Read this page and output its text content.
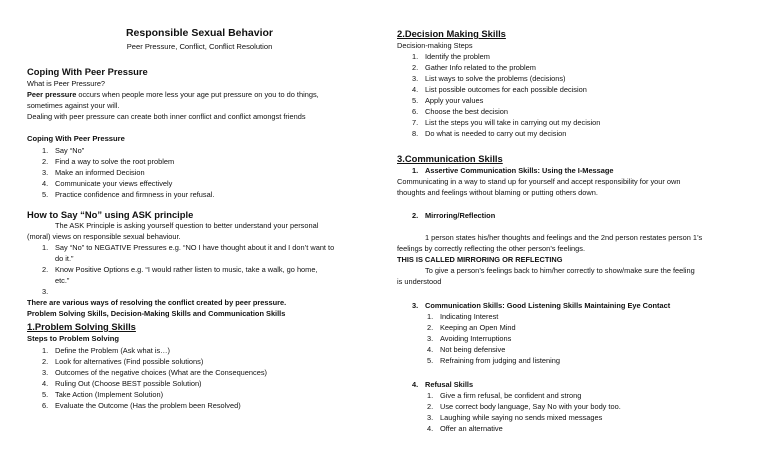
Responsible Sexual Behavior
Peer Pressure, Conflict, Conflict Resolution
Coping With Peer Pressure
What is Peer Pressure?
Peer pressure occurs when people more less your age put pressure on you to do things,
sometimes against your will.
Dealing with peer pressure can create both inner conflict and conflict amongst friends
Coping With Peer Pressure
1. Say “No”
2. Find a way to solve the root problem
3. Make an informed Decision
4. Communicate your views effectively
5. Practice confidence and firmness in your refusal.
How to Say “No” using ASK principle
The ASK Principle is asking yourself question to better understand your personal
(moral) views on responsible sexual behaviour.
1. Say “No” to NEGATIVE Pressures e.g. “NO I have thought about it and I don’t want to
do it.”
2. Know Positive Options e.g. “I would rather listen to music, take a walk, go home,
etc.”
3.
There are various ways of resolving the conflict created by peer pressure.
Problem Solving Skills, Decision-Making Skills and Communication Skills
1.Problem Solving Skills
Steps to Problem Solving
1. Define the Problem (Ask what is…)
2. Look for alternatives (Find possible solutions)
3. Outcomes of the negative choices (What are the Consequences)
4. Ruling Out (Choose BEST possible Solution)
5. Take Action (Implement Solution)
6. Evaluate the Outcome (Has the problem been Resolved)
2.Decision Making Skills
Decision-making Steps
1. Identify the problem
2. Gather Info related to the problem
3. List ways to solve the problems (decisions)
4. List possible outcomes for each possible decision
5. Apply your values
6. Choose the best decision
7. List the steps you will take in carrying out my decision
8. Do what is needed to carry out my decision
3.Communication Skills
1. Assertive Communication Skills: Using the I-Message
Communicating in a way to stand up for yourself and accept responsibility for your own
thoughts and feelings without blaming or putting others down.
2. Mirroring/Reflection
1 person states his/her thoughts and feelings and the 2nd person restates person 1’s
feelings by correctly reflecting the other person’s feelings.
THIS IS CALLED MIRRORING OR REFLECTING
To give a person’s feelings back to him/her correctly to show/make sure the feeling
is understood
3. Communication Skills: Good Listening Skills Maintaining Eye Contact
1. Indicating Interest
2. Keeping an Open Mind
3. Avoiding Interruptions
4. Not being defensive
5. Refraining from judging and listening
4. Refusal Skills
1. Give a firm refusal, be confident and strong
2. Use correct body language, Say No with your body too.
3. Laughing while saying no sends mixed messages
4. Offer an alternative
